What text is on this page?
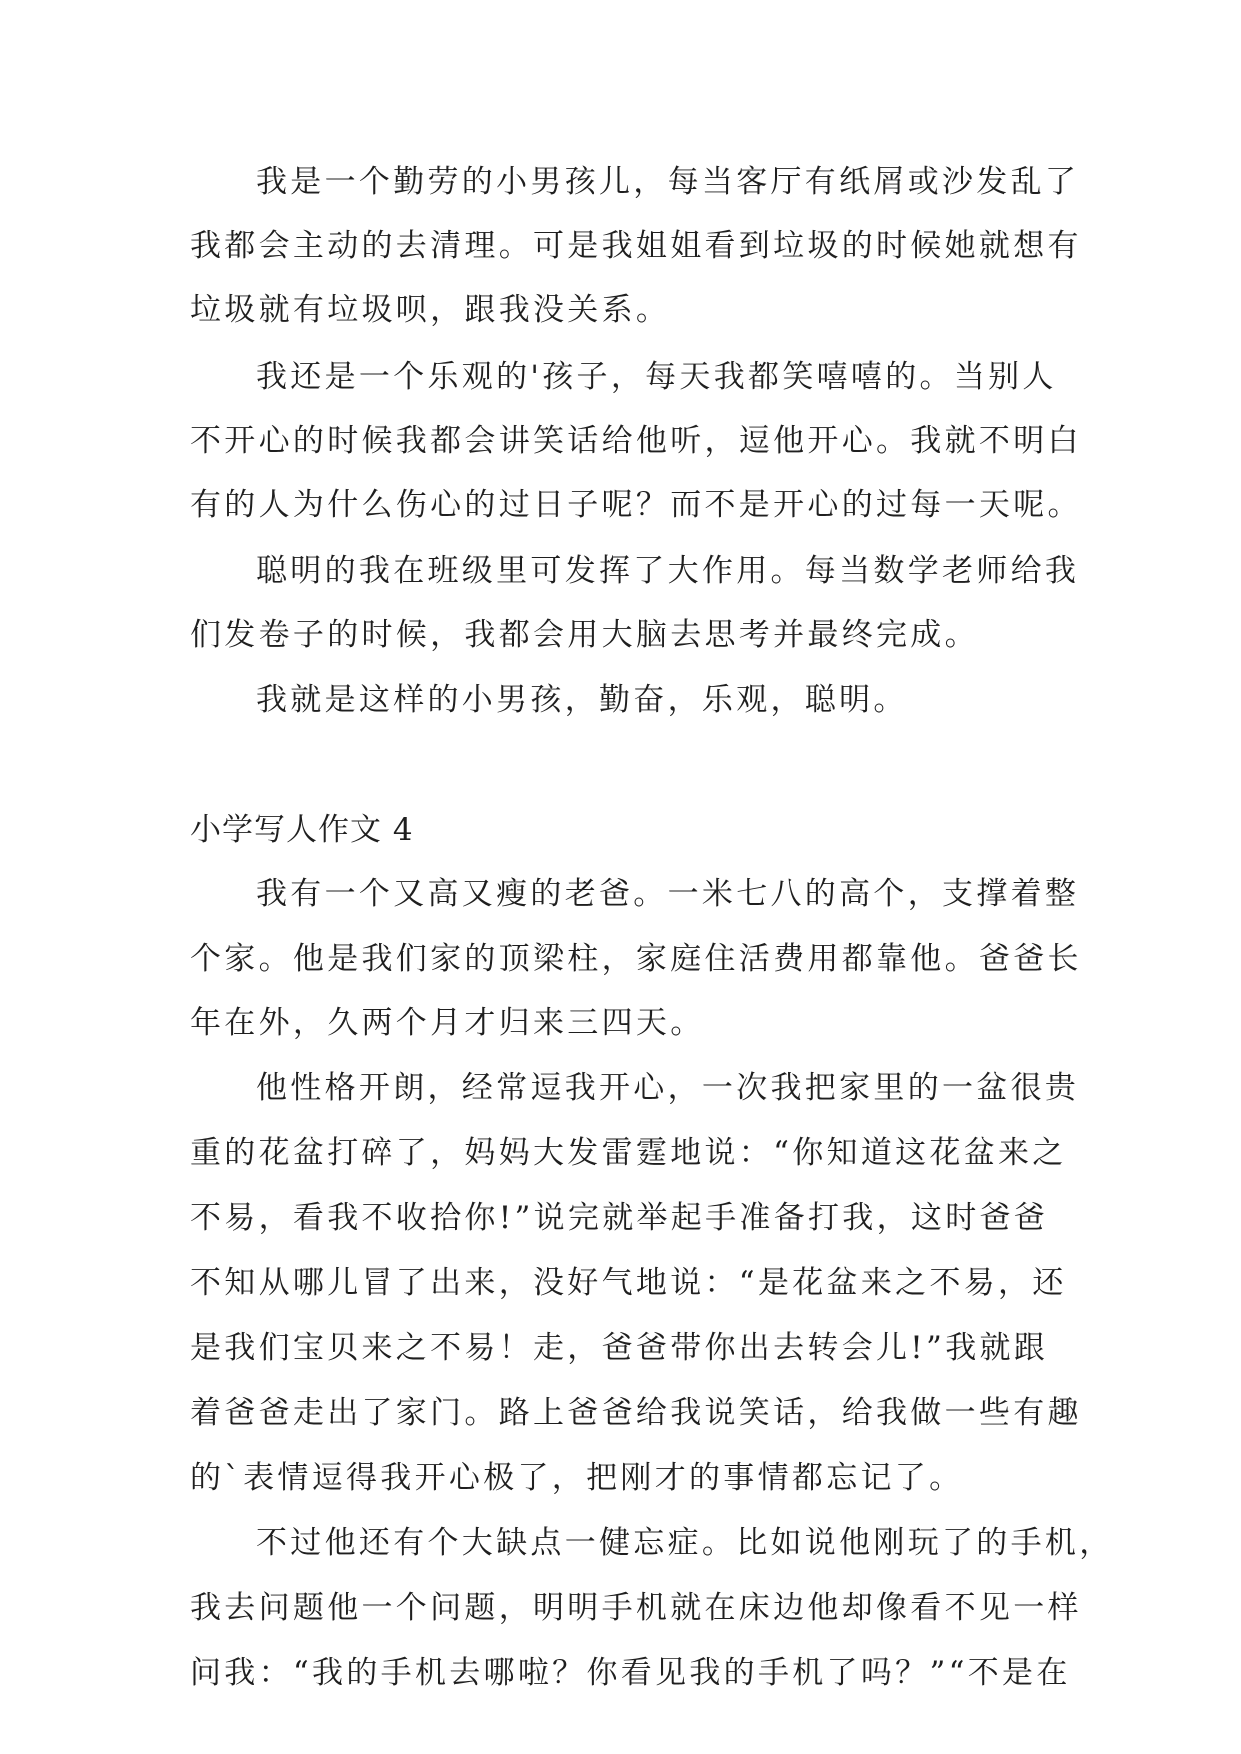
我是一个勤劳的小男孩儿，每当客厅有纸屑或沙发乱了
我都会主动的去清理。可是我姐姐看到垃圾的时候她就想有
垃圾就有垃圾呗，跟我没关系。
我还是一个乐观的'孩子，每天我都笑嘻嘻的。当别人
不开心的时候我都会讲笑话给他听，逗他开心。我就不明白
有的人为什么伤心的过日子呢？而不是开心的过每一天呢。
聪明的我在班级里可发挥了大作用。每当数学老师给我
们发卷子的时候，我都会用大脑去思考并最终完成。
我就是这样的小男孩，勤奋，乐观，聪明。
小学写人作文 4
我有一个又高又瘦的老爸。一米七八的高个，支撑着整
个家。他是我们家的顶梁柱，家庭住活费用都靠他。爸爸长
年在外，久两个月才归来三四天。
他性格开朗，经常逗我开心，一次我把家里的一盆很贵
重的花盆打碎了，妈妈大发雷霆地说：“你知道这花盆来之
不易，看我不收拾你!”说完就举起手准备打我，这时爸爸
不知从哪儿冒了出来，没好气地说：“是花盆来之不易，还
是我们宝贝来之不易！走，爸爸带你出去转会儿!”我就跟
着爸爸走出了家门。路上爸爸给我说笑话，给我做一些有趣
的`表情逗得我开心极了，把刚才的事情都忘记了。
不过他还有个大缺点一健忘症。比如说他刚玩了的手机，
我去问题他一个问题，明明手机就在床边他却像看不见一样
问我：“我的手机去哪啦？你看见我的手机了吗？”“不是在
